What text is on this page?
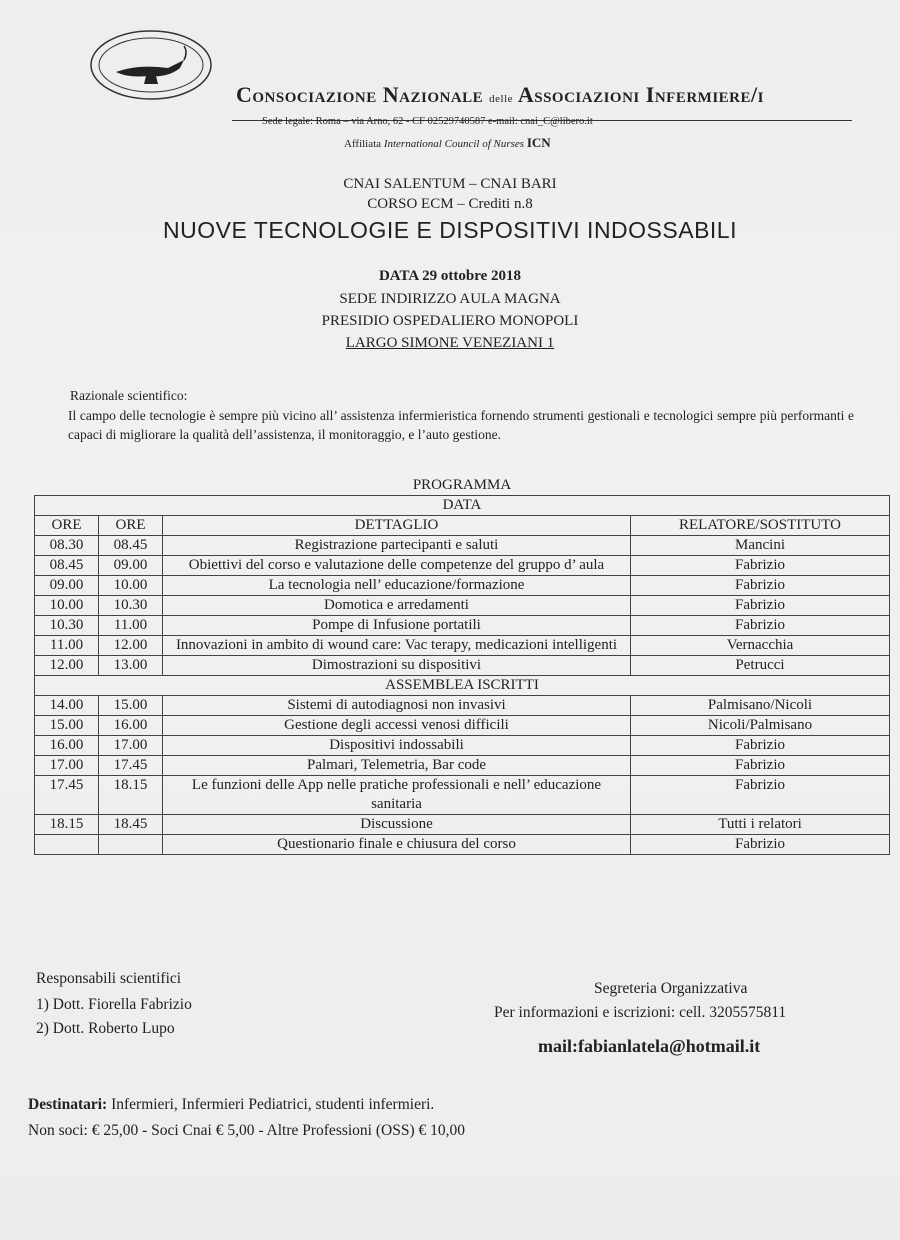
Consociazione Nazionale delle Associazioni Infermiere/i
Sede legale: Roma – via Arno, 62 - CF 02529740587 e-mail: cnai_C@libero.it
Affiliata International Council of Nurses ICN
CNAI SALENTUM – CNAI BARI
CORSO ECM – Crediti n.8
NUOVE TECNOLOGIE E DISPOSITIVI INDOSSABILI
DATA 29 ottobre 2018
SEDE INDIRIZZO AULA MAGNA
PRESIDIO OSPEDALIERO MONOPOLI
LARGO SIMONE VENEZIANI 1
Razionale scientifico:
Il campo delle tecnologie è sempre più vicino all’ assistenza infermieristica fornendo strumenti gestionali e tecnologici sempre più performanti e capaci di migliorare la qualità dell’assistenza, il monitoraggio, e l’auto gestione.
PROGRAMMA
DATA			
ORE	ORE	DETTAGLIO	RELATORE/SOSTITUTO
08.30	08.45	Registrazione partecipanti e saluti	Mancini
08.45	09.00	Obiettivi del corso e valutazione delle competenze del gruppo d’ aula	Fabrizio
09.00	10.00	La tecnologia nell’ educazione/formazione	Fabrizio
10.00	10.30	Domotica e arredamenti	Fabrizio
10.30	11.00	Pompe di Infusione portatili	Fabrizio
11.00	12.00	Innovazioni in ambito di wound care: Vac terapy, medicazioni intelligenti	Vernacchia
12.00	13.00	Dimostrazioni su dispositivi	Petrucci
ASSEMBLEA ISCRITTI			
14.00	15.00	Sistemi di autodiagnosi non invasivi	Palmisano/Nicoli
15.00	16.00	Gestione degli accessi venosi difficili	Nicoli/Palmisano
16.00	17.00	Dispositivi indossabili	Fabrizio
17.00	17.45	Palmari, Telemetria, Bar code	Fabrizio
17.45	18.15	Le funzioni delle App nelle pratiche professionali e nell’ educazione sanitaria	Fabrizio
18.15	18.45	Discussione	Tutti i relatori
		Questionario finale e chiusura del corso	Fabrizio
Responsabili scientifici
1) Dott. Fiorella Fabrizio
2) Dott. Roberto Lupo
Segreteria Organizzativa
Per informazioni e iscrizioni: cell. 3205575811
mail:fabianlatela@hotmail.it
Destinatari: Infermieri, Infermieri Pediatrici, studenti infermieri.
Non soci: € 25,00 - Soci Cnai € 5,00 - Altre Professioni (OSS) € 10,00
